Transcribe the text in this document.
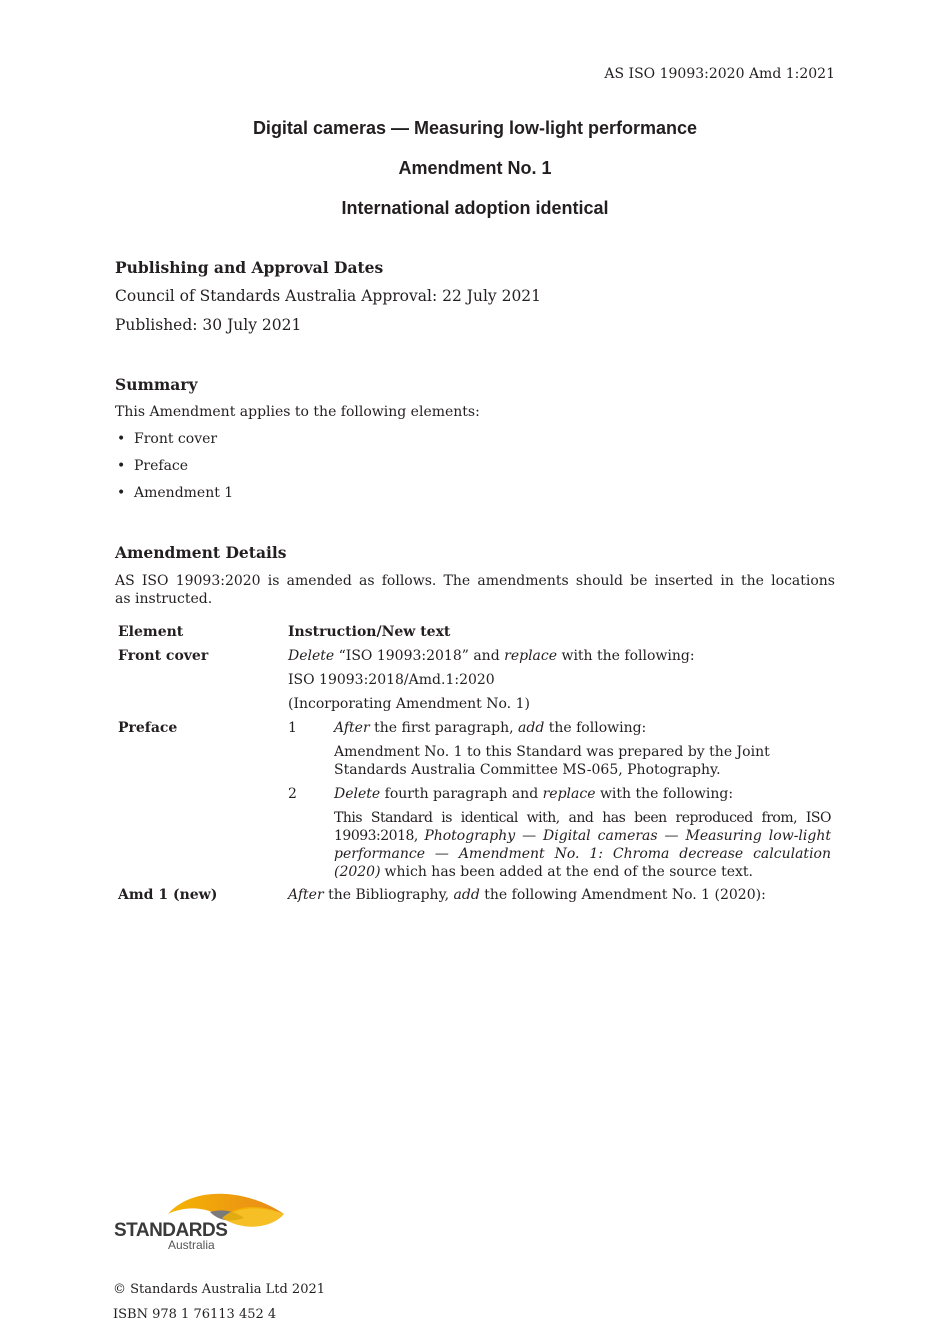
AS ISO 19093:2020 Amd 1:2021
Digital cameras — Measuring low-light performance
Amendment No. 1
International adoption identical
Publishing and Approval Dates
Council of Standards Australia Approval: 22 July 2021
Published: 30 July 2021
Summary
This Amendment applies to the following elements:
• Front cover
• Preface
• Amendment 1
Amendment Details
AS ISO 19093:2020 is amended as follows. The amendments should be inserted in the locations
as instructed.
Element	Instruction/New text
Front cover	Delete “ISO 19093:2018” and replace with the following:
ISO 19093:2018/Amd.1:2020
(Incorporating Amendment No. 1)
Preface	1	After the first paragraph, add the following:
Amendment No. 1 to this Standard was prepared by the Joint Standards Australia Committee MS-065, Photography.
2	Delete fourth paragraph and replace with the following:
This Standard is identical with, and has been reproduced from, ISO 19093:2018, Photography — Digital cameras — Measuring low-light performance — Amendment No. 1: Chroma decrease calculation (2020) which has been added at the end of the source text.
Amd 1 (new)	After the Bibliography, add the following Amendment No. 1 (2020):
STANDARDS
Australia
© Standards Australia Ltd 2021
ISBN 978 1 76113 452 4
